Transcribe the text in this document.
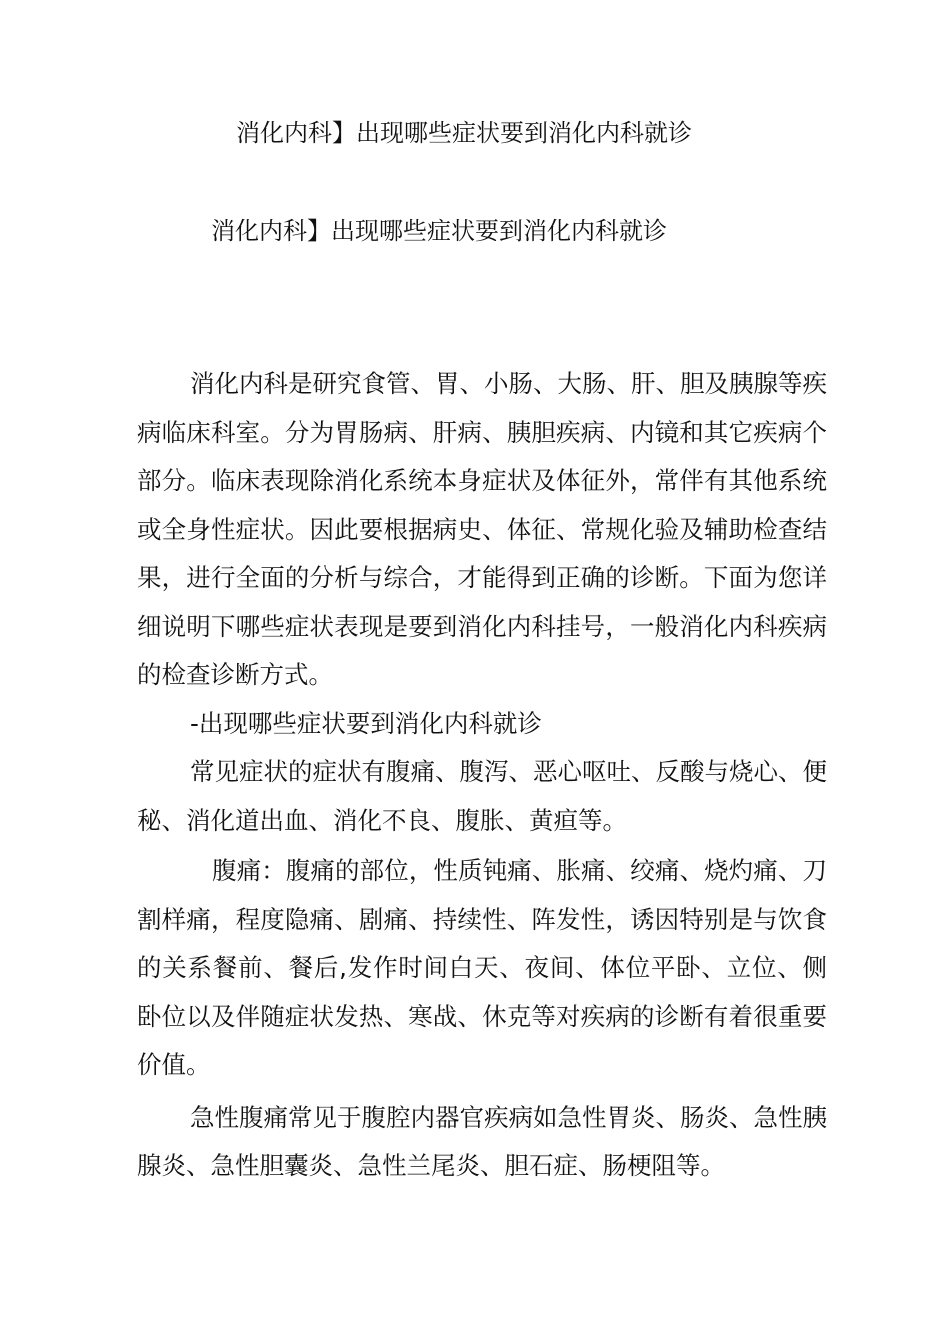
消化内科】出现哪些症状要到消化内科就诊
消化内科】出现哪些症状要到消化内科就诊

消化内科是研究食管、胃、小肠、大肠、肝、胆及胰腺等疾病临床科室。分为胃肠病、肝病、胰胆疾病、内镜和其它疾病个部分。临床表现除消化系统本身症状及体征外，常伴有其他系统或全身性症状。因此要根据病史、体征、常规化验及辅助检查结果，进行全面的分析与综合，才能得到正确的诊断。下面为您详细说明下哪些症状表现是要到消化内科挂号，一般消化内科疾病的检查诊断方式。

-出现哪些症状要到消化内科就诊

常见症状的症状有腹痛、腹泻、恶心呕吐、反酸与烧心、便秘、消化道出血、消化不良、腹胀、黄疸等。

腹痛：腹痛的部位，性质钝痛、胀痛、绞痛、烧灼痛、刀割样痛，程度隐痛、剧痛、持续性、阵发性，诱因特别是与饮食的关系餐前、餐后,发作时间白天、夜间、体位平卧、立位、侧卧位以及伴随症状发热、寒战、休克等对疾病的诊断有着很重要价值。

急性腹痛常见于腹腔内器官疾病如急性胃炎、肠炎、急性胰腺炎、急性胆囊炎、急性兰尾炎、胆石症、肠梗阻等。
